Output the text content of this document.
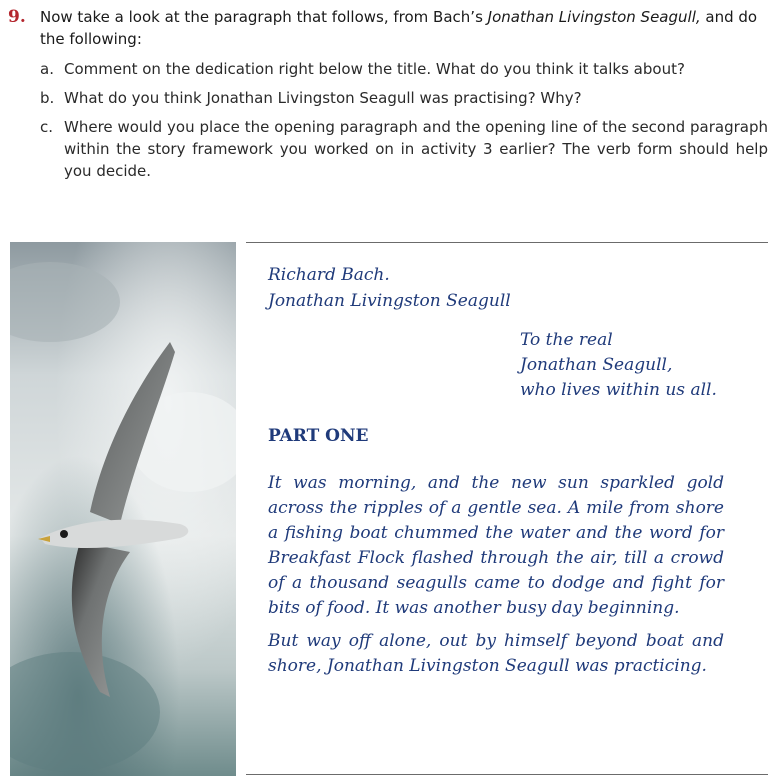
9. Now take a look at the paragraph that follows, from Bach’s Jonathan Livingston Seagull, and do the following:
a. Comment on the dedication right below the title. What do you think it talks about?
b. What do you think Jonathan Livingston Seagull was practising? Why?
c. Where would you place the opening paragraph and the opening line of the second paragraph within the story framework you worked on in activity 3 earlier? The verb form should help you decide.
Richard Bach.
Jonathan Livingston Seagull
To the real
Jonathan Seagull,
who lives within us all.
PART ONE
It was morning, and the new sun sparkled gold across the ripples of a gentle sea. A mile from shore a fishing boat chummed the water and the word for Breakfast Flock flashed through the air, till a crowd of a thousand seagulls came to dodge and fight for bits of food. It was another busy day beginning.
But way off alone, out by himself beyond boat and shore, Jonathan Livingston Seagull was practicing.
